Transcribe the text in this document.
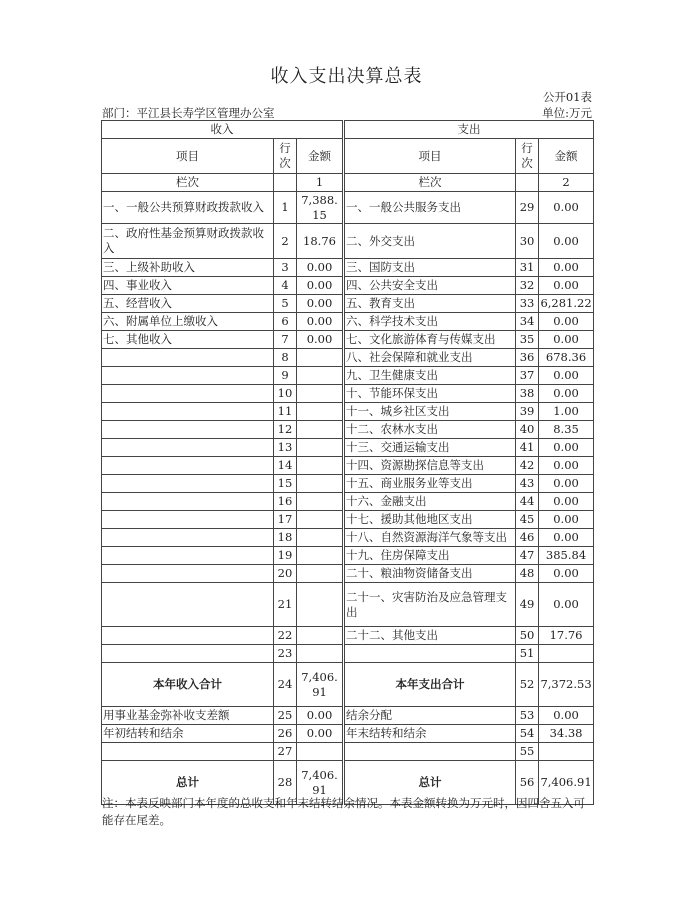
收入支出决算总表
公开01表
部门：平江县长寿学区管理办公室	单位:万元
收入			支出		
项目	行次	金额	项目	行次	金额
栏次		1	栏次		2
一、一般公共预算财政拨款收入	1	7,388.15	一、一般公共服务支出	29	0.00
二、政府性基金预算财政拨款收入	2	18.76	二、外交支出	30	0.00
三、上级补助收入	3	0.00	三、国防支出	31	0.00
四、事业收入	4	0.00	四、公共安全支出	32	0.00
五、经营收入	5	0.00	五、教育支出	33	6,281.22
六、附属单位上缴收入	6	0.00	六、科学技术支出	34	0.00
七、其他收入	7	0.00	七、文化旅游体育与传媒支出	35	0.00
	8		八、社会保障和就业支出	36	678.36
	9		九、卫生健康支出	37	0.00
	10		十、节能环保支出	38	0.00
	11		十一、城乡社区支出	39	1.00
	12		十二、农林水支出	40	8.35
	13		十三、交通运输支出	41	0.00
	14		十四、资源勘探信息等支出	42	0.00
	15		十五、商业服务业等支出	43	0.00
	16		十六、金融支出	44	0.00
	17		十七、援助其他地区支出	45	0.00
	18		十八、自然资源海洋气象等支出	46	0.00
	19		十九、住房保障支出	47	385.84
	20		二十、粮油物资储备支出	48	0.00
	21		二十一、灾害防治及应急管理支出	49	0.00
	22		二十二、其他支出	50	17.76
	23			51	
本年收入合计	24	7,406.91	本年支出合计	52	7,372.53
用事业基金弥补收支差额	25	0.00	结余分配	53	0.00
年初结转和结余	26	0.00	年末结转和结余	54	34.38
	27			55	
总计	28	7,406.91	总计	56	7,406.91
注：本表反映部门本年度的总收支和年末结转结余情况。本表金额转换为万元时，因四舍五入可能存在尾差。
